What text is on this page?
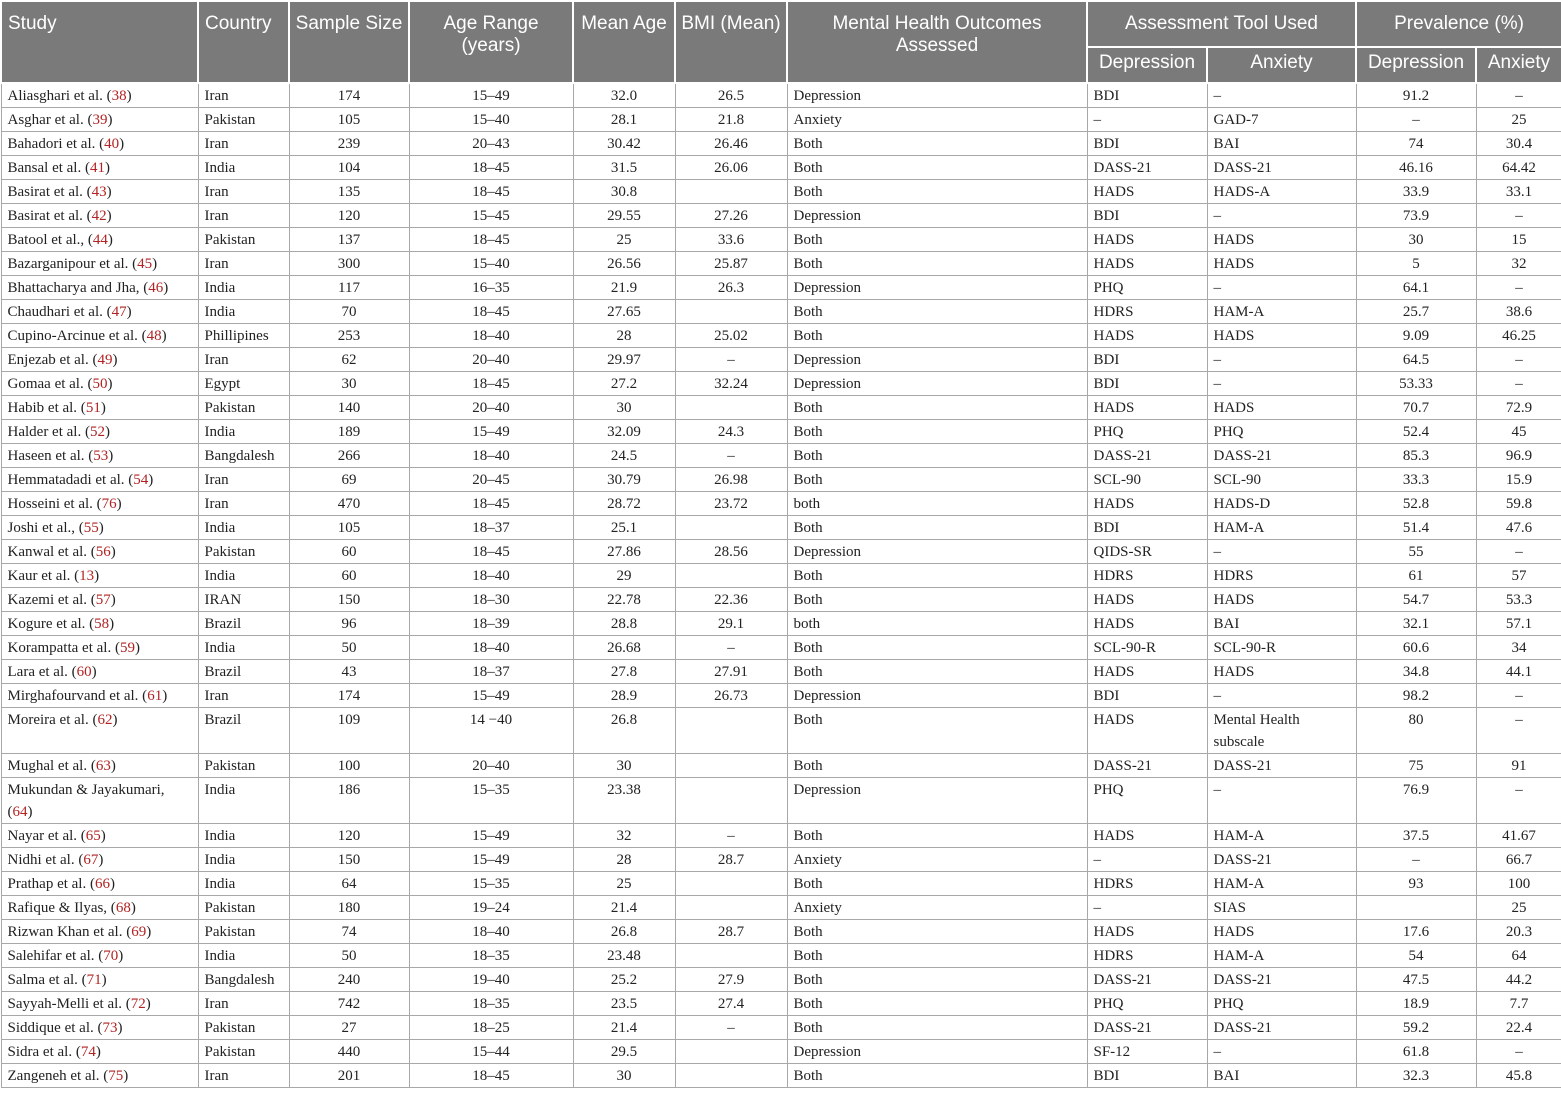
Study	Country	Sample Size	Age Range (years)	Mean Age	BMI (Mean)	Mental Health Outcomes Assessed	Assessment Tool Used		Prevalence (%)	
							Depression	Anxiety	Depression	Anxiety
Aliasghari et al. (38)	Iran	174	15–49	32.0	26.5	Depression	BDI	–	91.2	–
Asghar et al. (39)	Pakistan	105	15–40	28.1	21.8	Anxiety	–	GAD-7	–	25
Bahadori et al. (40)	Iran	239	20–43	30.42	26.46	Both	BDI	BAI	74	30.4
Bansal et al. (41)	India	104	18–45	31.5	26.06	Both	DASS-21	DASS-21	46.16	64.42
Basirat et al. (43)	Iran	135	18–45	30.8		Both	HADS	HADS-A	33.9	33.1
Basirat et al. (42)	Iran	120	15–45	29.55	27.26	Depression	BDI	–	73.9	–
Batool et al., (44)	Pakistan	137	18–45	25	33.6	Both	HADS	HADS	30	15
Bazarganipour et al. (45)	Iran	300	15–40	26.56	25.87	Both	HADS	HADS	5	32
Bhattacharya and Jha, (46)	India	117	16–35	21.9	26.3	Depression	PHQ	–	64.1	–
Chaudhari et al. (47)	India	70	18–45	27.65		Both	HDRS	HAM-A	25.7	38.6
Cupino-Arcinue et al. (48)	Phillipines	253	18–40	28	25.02	Both	HADS	HADS	9.09	46.25
Enjezab et al. (49)	Iran	62	20–40	29.97	–	Depression	BDI	–	64.5	–
Gomaa et al. (50)	Egypt	30	18–45	27.2	32.24	Depression	BDI	–	53.33	–
Habib et al. (51)	Pakistan	140	20–40	30		Both	HADS	HADS	70.7	72.9
Halder et al. (52)	India	189	15–49	32.09	24.3	Both	PHQ	PHQ	52.4	45
Haseen et al. (53)	Bangdalesh	266	18–40	24.5	–	Both	DASS-21	DASS-21	85.3	96.9
Hemmatadadi et al. (54)	Iran	69	20–45	30.79	26.98	Both	SCL-90	SCL-90	33.3	15.9
Hosseini et al. (76)	Iran	470	18–45	28.72	23.72	both	HADS	HADS-D	52.8	59.8
Joshi et al., (55)	India	105	18–37	25.1		Both	BDI	HAM-A	51.4	47.6
Kanwal et al. (56)	Pakistan	60	18–45	27.86	28.56	Depression	QIDS-SR	–	55	–
Kaur et al. (13)	India	60	18–40	29		Both	HDRS	HDRS	61	57
Kazemi et al. (57)	IRAN	150	18–30	22.78	22.36	Both	HADS	HADS	54.7	53.3
Kogure et al. (58)	Brazil	96	18–39	28.8	29.1	both	HADS	BAI	32.1	57.1
Korampatta et al. (59)	India	50	18–40	26.68	–	Both	SCL-90-R	SCL-90-R	60.6	34
Lara et al. (60)	Brazil	43	18–37	27.8	27.91	Both	HADS	HADS	34.8	44.1
Mirghafourvand et al. (61)	Iran	174	15–49	28.9	26.73	Depression	BDI	–	98.2	–
Moreira et al. (62)	Brazil	109	14 −40	26.8		Both	HADS	Mental Health subscale	80	–
Mughal et al. (63)	Pakistan	100	20–40	30		Both	DASS-21	DASS-21	75	91
Mukundan & Jayakumari, (64)	India	186	15–35	23.38		Depression	PHQ	–	76.9	–
Nayar et al. (65)	India	120	15–49	32	–	Both	HADS	HAM-A	37.5	41.67
Nidhi et al. (67)	India	150	15–49	28	28.7	Anxiety	–	DASS-21	–	66.7
Prathap et al. (66)	India	64	15–35	25		Both	HDRS	HAM-A	93	100
Rafique & Ilyas, (68)	Pakistan	180	19–24	21.4		Anxiety	–	SIAS		25
Rizwan Khan et al. (69)	Pakistan	74	18–40	26.8	28.7	Both	HADS	HADS	17.6	20.3
Salehifar et al. (70)	India	50	18–35	23.48		Both	HDRS	HAM-A	54	64
Salma et al. (71)	Bangdalesh	240	19–40	25.2	27.9	Both	DASS-21	DASS-21	47.5	44.2
Sayyah-Melli et al. (72)	Iran	742	18–35	23.5	27.4	Both	PHQ	PHQ	18.9	7.7
Siddique et al. (73)	Pakistan	27	18–25	21.4	–	Both	DASS-21	DASS-21	59.2	22.4
Sidra et al. (74)	Pakistan	440	15–44	29.5		Depression	SF-12	–	61.8	–
Zangeneh et al. (75)	Iran	201	18–45	30		Both	BDI	BAI	32.3	45.8
